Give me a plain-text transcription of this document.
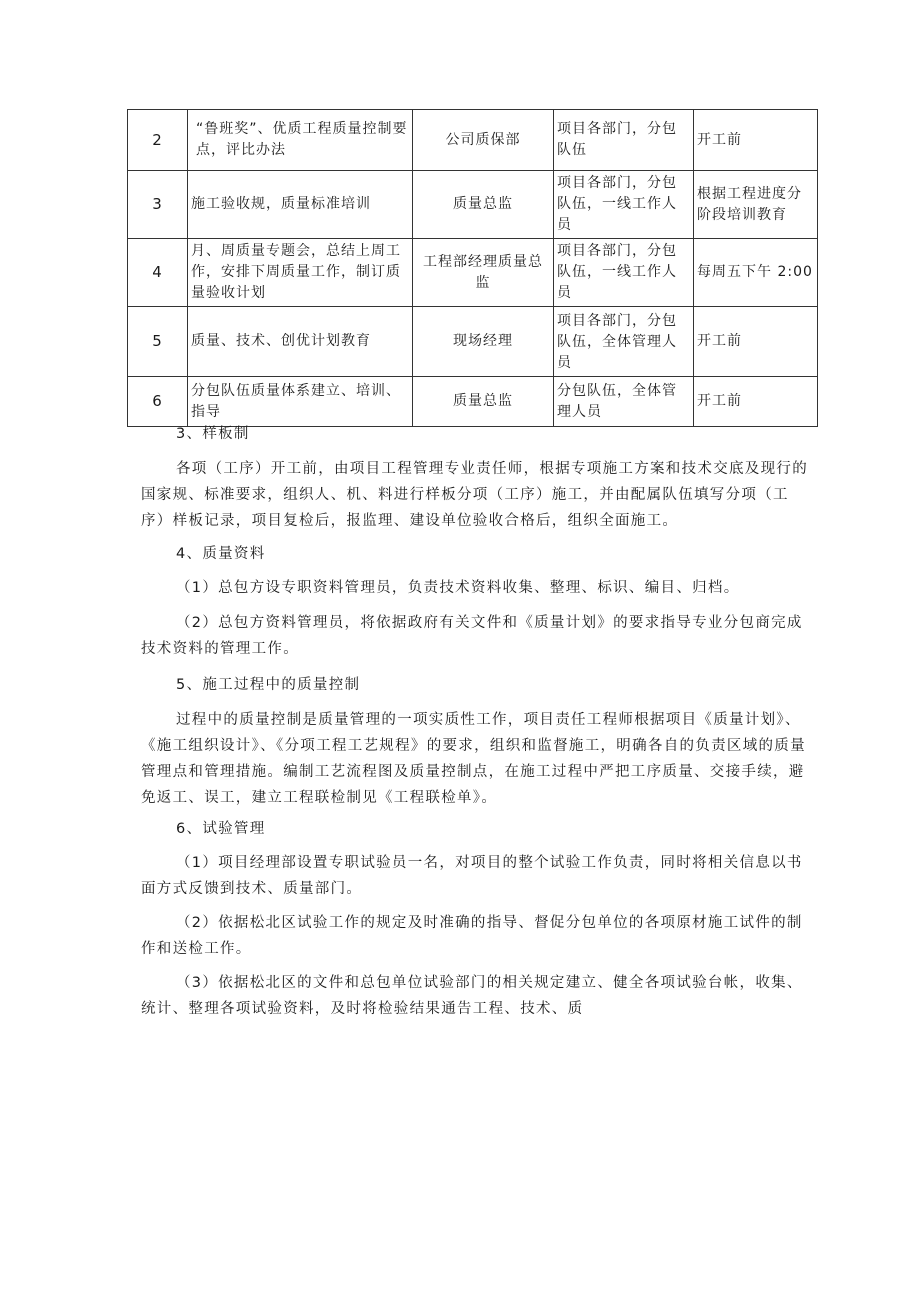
2	“鲁班奖”、优质工程质量控制要点，评比办法	公司质保部	项目各部门，分包队伍	开工前
3	施工验收规，质量标准培训	质量总监	项目各部门，分包队伍，一线工作人员	根据工程进度分阶段培训教育
4	月、周质量专题会，总结上周工作，安排下周质量工作，制订质量验收计划	工程部经理质量总监	项目各部门，分包队伍，一线工作人员	每周五下午 2:00
5	质量、技术、创优计划教育	现场经理	项目各部门，分包队伍，全体管理人员	开工前
6	分包队伍质量体系建立、培训、指导	质量总监	分包队伍，全体管理人员	开工前

3、样板制

各项（工序）开工前，由项目工程管理专业责任师，根据专项施工方案和技术交底及现行的国家规、标准要求，组织人、机、料进行样板分项（工序）施工，并由配属队伍填写分项（工序）样板记录，项目复检后，报监理、建设单位验收合格后，组织全面施工。

4、质量资料

（1）总包方设专职资料管理员，负责技术资料收集、整理、标识、编目、归档。

（2）总包方资料管理员，将依据政府有关文件和《质量计划》的要求指导专业分包商完成技术资料的管理工作。

5、施工过程中的质量控制

过程中的质量控制是质量管理的一项实质性工作，项目责任工程师根据项目《质量计划》、《施工组织设计》、《分项工程工艺规程》的要求，组织和监督施工，明确各自的负责区域的质量管理点和管理措施。编制工艺流程图及质量控制点，在施工过程中严把工序质量、交接手续，避免返工、误工，建立工程联检制见《工程联检单》。

6、试验管理

（1）项目经理部设置专职试验员一名，对项目的整个试验工作负责，同时将相关信息以书面方式反馈到技术、质量部门。

（2）依据松北区试验工作的规定及时准确的指导、督促分包单位的各项原材施工试件的制作和送检工作。

（3）依据松北区的文件和总包单位试验部门的相关规定建立、健全各项试验台帐，收集、统计、整理各项试验资料，及时将检验结果通告工程、技术、质
